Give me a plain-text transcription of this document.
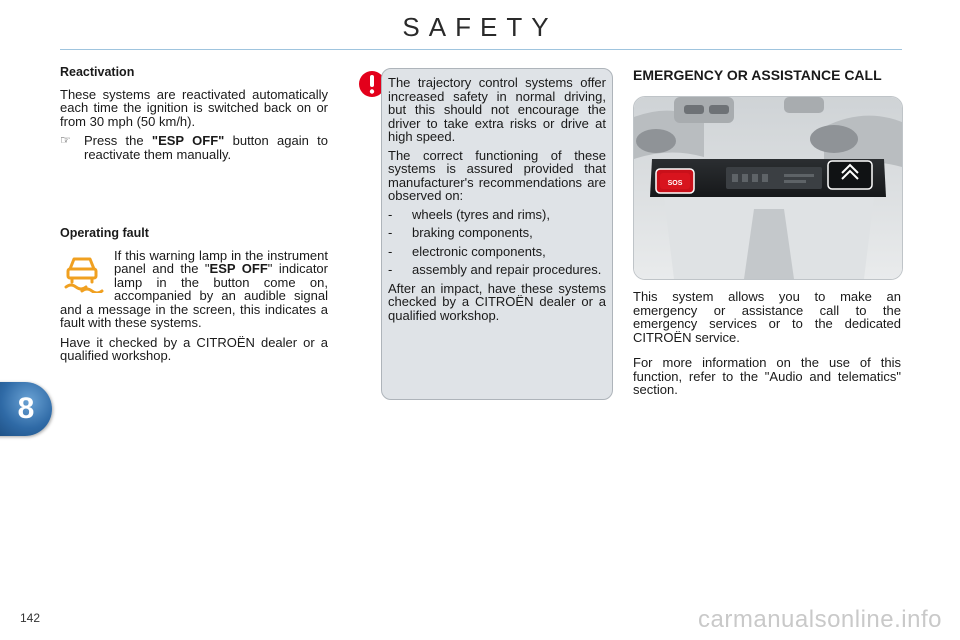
SAFETY
8
Reactivation

These systems are reactivated automatically each time the ignition is switched back on or from 30 mph (50 km/h).

☞	Press the "ESP OFF" button again to reactivate them manually.
Operating fault

If this warning lamp in the instrument panel and the "ESP OFF" indicator lamp in the button come on, accompanied by an audible signal and a message in the screen, this indicates a fault with these systems.

Have it checked by a CITROËN dealer or a qualified workshop.

The trajectory control systems offer increased safety in normal driving, but this should not encourage the driver to take extra risks or drive at high speed.

The correct functioning of these systems is assured provided that manufacturer's recommendations are observed on:

-	wheels (tyres and rims),
-	braking components,
-	electronic components,
-	assembly and repair procedures.

After an impact, have these systems checked by a CITROËN dealer or a qualified workshop.

EMERGENCY OR ASSISTANCE CALL
SOS

This system allows you to make an emergency or assistance call to the emergency services or to the dedicated CITROËN service.

For more information on the use of this function, refer to the "Audio and telematics" section.

142	carmanualsonline.info
